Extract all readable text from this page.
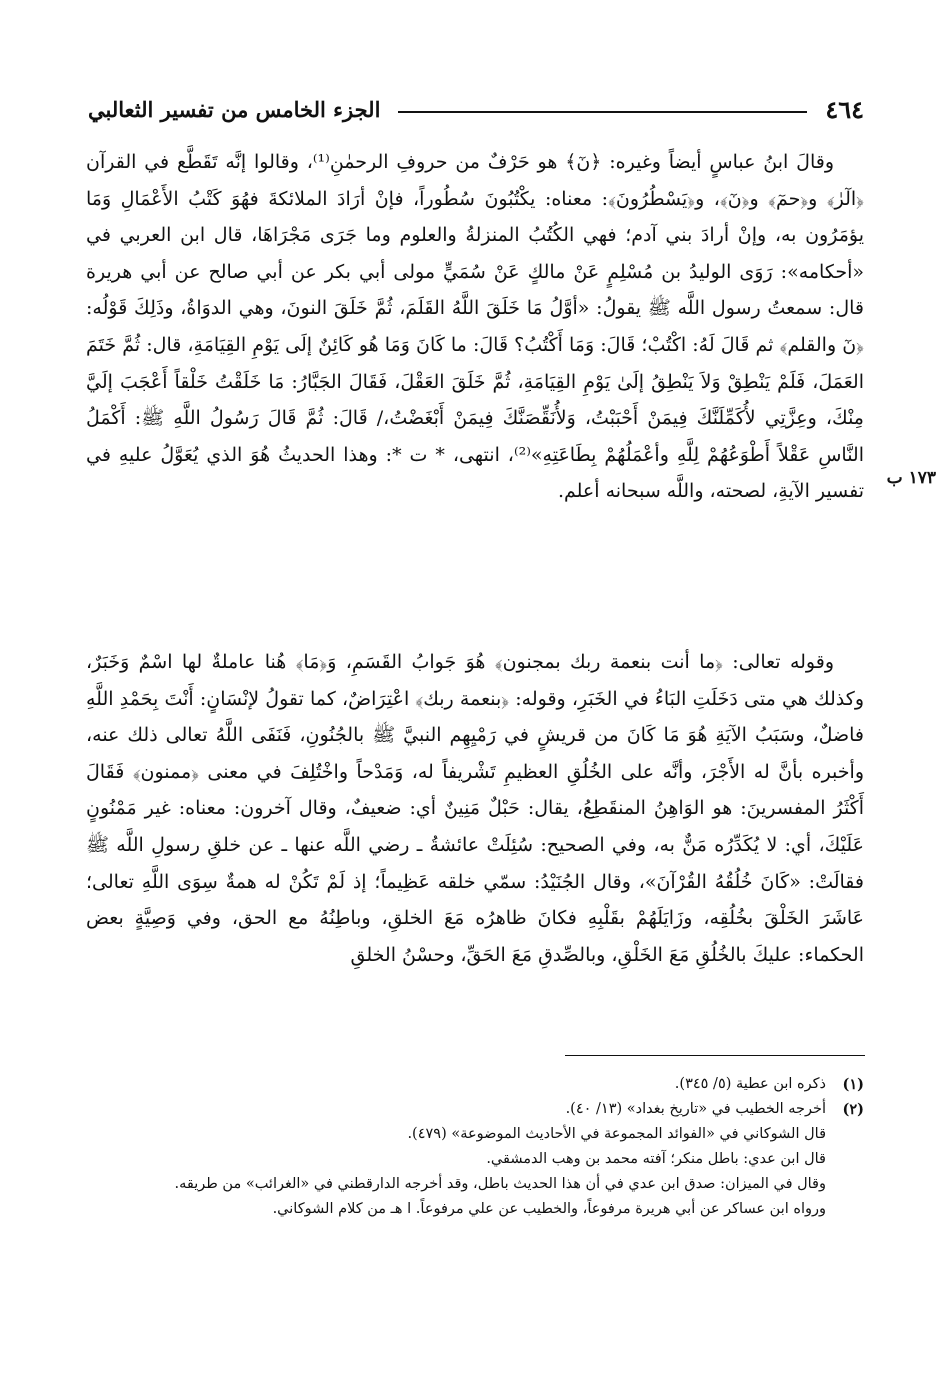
٤٦٤
الجزء الخامس من تفسير الثعالبي

وقالَ ابنُ عباسٍ أيضاً وغيره: ﴿نٓ﴾ هو حَرْفٌ من حروفِ الرحمٰنِ⁽¹⁾، وقالوا إنَّه تَقَطَّع في القرآن ﴿الٓرٰ﴾ و﴿حمٓ﴾ و﴿نٓ﴾، و﴿يَسْطُرُونَ﴾: معناه: يكْتُبُونَ سُطُوراً، فإنْ أرَادَ الملائكةَ فهُوَ كَتْبُ الأَعْمَالِ وَمَا يؤمَرُون به، وإنْ أرادَ بني آدم؛ فهي الكُتُبُ المنزلةُ والعلوم وما جَرَى مَجْرَاهَا، قال ابن العربي في «أحكامه»: رَوَى الوليدُ بن مُسْلِمٍ عَنْ مالكٍ عَنْ سُمَيٍّ مولى أبي بكر عن أبي صالح عن أبي هريرة قال: سمعتُ رسول اللَّه ﷺ يقولُ: «أوَّلُ مَا خَلَقَ اللَّهُ القَلَمَ، ثُمَّ خَلَقَ النونَ، وهي الدوَاةُ، وذَلِكَ قَوْلُه: ﴿نٓ والقلم﴾ ثم قَالَ لَهُ: اكْتُبْ؛ قَالَ: وَمَا أَكْتُبُ؟ قَالَ: ما كَانَ وَمَا هُو كَائِنٌ إلَى يَوْمِ القِيَامَةِ، قال: ثُمَّ خَتَمَ العَمَلَ، فَلَمْ يَنْطِقْ وَلاَ يَنْطِقُ إلَىٰ يَوْمِ القِيَامَةِ، ثُمَّ خَلَقَ العَقْلَ، فَقَالَ الجَبَّارُ: مَا خَلَقْتُ خَلْقاً أَعْجَبَ إلَيَّ مِنْكَ، وعِزَّتِي لأُكَمِّلَنَّكَ فِيمَنْ أَحْبَبْتُ، وَلأُنَقِّصَنَّكَ فِيمَنْ أَبْغَضْتُ،/ قَالَ: ثُمَّ قَالَ رَسُولُ اللَّهِ ﷺ: أَكْمَلُ النَّاسِ عَقْلاً أَطْوَعُهُمْ لِلَّهِ وأعْمَلُهُمْ بِطَاعَتِهِ»⁽²⁾، انتهى، * ت *: وهذا الحديثُ هُوَ الذي يُعَوَّلُ عليهِ في تفسير الآيةِ، لصحته، واللَّه سبحانه أعلم.

١٧٣ ب

وقوله تعالى: ﴿ما أنت بنعمة ربك بمجنون﴾ هُوَ جَوابُ القَسَمِ، وَ﴿مَا﴾ هُنا عاملةٌ لها اسْمٌ وَخَبَرٌ، وكذلك هي متى دَخَلَتِ البَاءُ في الخَبَرِ، وقوله: ﴿بنعمة ربك﴾ اعْتِرَاضٌ، كما تقولُ لإنْسَانٍ: أَنْتَ بِحَمْدِ اللَّهِ فاضلٌ، وسَبَبُ الآيَةِ هُوَ مَا كَانَ من قريشٍ في رَمْيِهِم النبيَّ ﷺ بالجُنُونِ، فَنَفَى اللَّهُ تعالى ذلك عنه، وأخبره بأنَّ له الأَجْرَ، وأنَّه على الخُلُقِ العظيمِ تَشْريفاً له، وَمَدْحاً واخْتُلِفَ في معنى ﴿ممنون﴾ فَقَالَ أَكْثَرُ المفسرينَ: هو الوَاهِنُ المنقَطِعُ، يقال: حَبْلٌ مَنِينٌ أي: ضعيفٌ، وقال آخرون: معناه: غير مَمْنُونٍ عَلَيْكَ، أي: لا يُكَدِّرُه مَنٌّ به، وفي الصحيح: سُئِلَتْ عائشةُ ـ رضي اللَّه عنها ـ عن خلقِ رسولِ اللَّه ﷺ فقالَتْ: «كَانَ خُلُقُهُ القُرْآنَ»، وقال الجُنَيْدُ: سمّي خلقه عَظِيماً؛ إذ لَمْ تَكُنْ له همةٌ سِوَى اللَّهِ تعالى؛ عَاشَرَ الخَلْقَ بخُلُقِه، وزَايَلَهُمْ بقَلْبِهِ فكانَ ظاهرُه مَعَ الخلقِ، وباطِنُهُ مع الحق، وفي وَصِيَّةٍ بعض الحكماء: عليكَ بالخُلُقِ مَعَ الخَلْقِ، وبالصِّدقِ مَعَ الحَقِّ، وحسْنُ الخلقِ

(١)
ذكره ابن عطية (٥/ ٣٤٥).
(٢)
أخرجه الخطيب في «تاريخ بغداد» (١٣/ ٤٠).
قال الشوكاني في «الفوائد المجموعة في الأحاديث الموضوعة» (٤٧٩).
قال ابن عدي: باطل منكر؛ آفته محمد بن وهب الدمشقي.
وقال في الميزان: صدق ابن عدي في أن هذا الحديث باطل، وقد أخرجه الدارقطني في «الغرائب» من طريقه.
ورواه ابن عساكر عن أبي هريرة مرفوعاً، والخطيب عن علي مرفوعاً. ا هـ من كلام الشوكاني.
